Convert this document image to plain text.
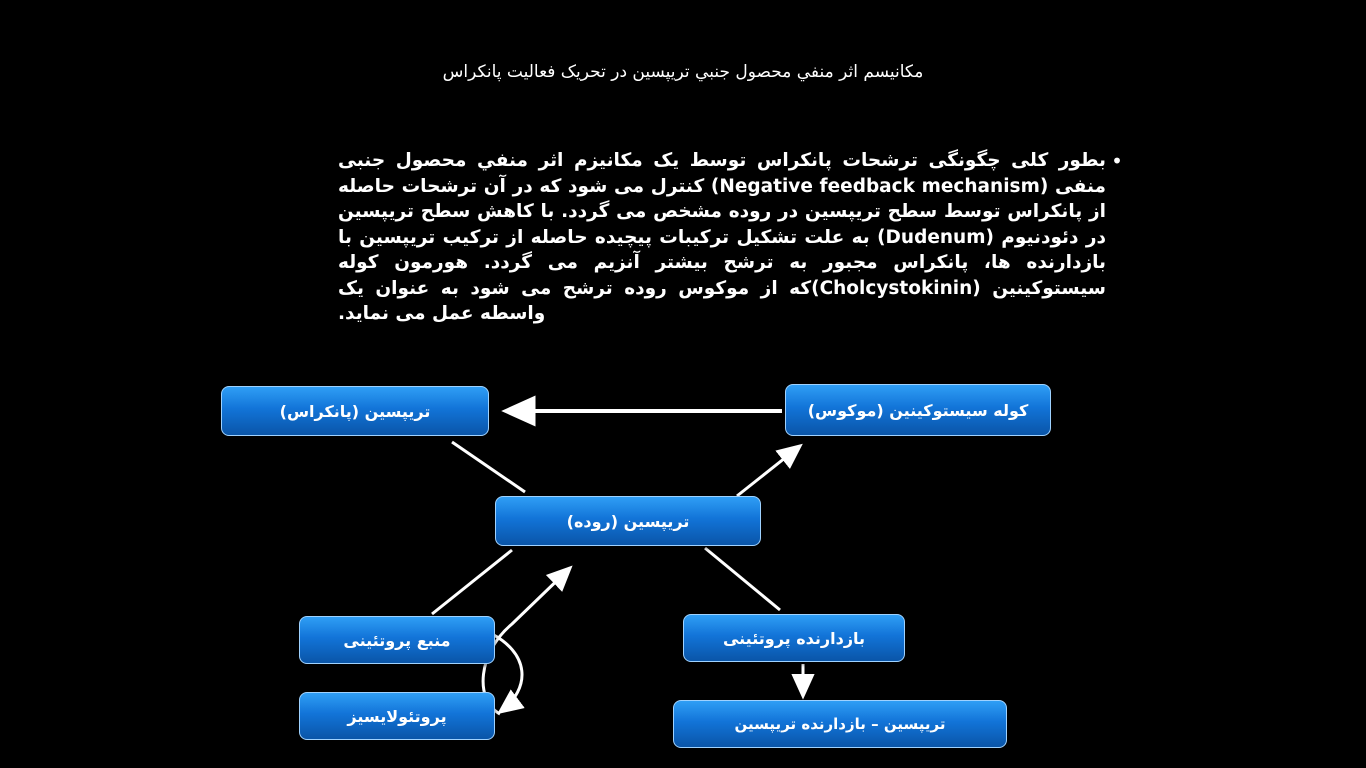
مکانيسم اثر منفي محصول جنبي تريپسين در تحريک فعاليت پانکراس
•
بطور کلی چگونگی ترشحات پانکراس توسط یک مکانیزم اثر منفي محصول جنبی منفی (Negative feedback mechanism) کنترل می شود که در آن ترشحات حاصله از پانکراس توسط سطح تریپسین در روده مشخص می گردد. با کاهش سطح تریپسین در دئودنیوم (Dudenum) به علت تشکیل ترکیبات پیچیده حاصله از ترکیب تریپسین با بازدارنده ها، پانکراس مجبور به ترشح بیشتر آنزیم می گردد. هورمون کوله سیستوکینین (Cholcystokinin)که از موکوس روده ترشح می شود به عنوان یک واسطه عمل می نماید.
تریپسین (پانکراس)	کوله سیستوکینین (موکوس)
تریپسین (روده)
منبع پروتئینی	بازدارنده پروتئینی
پروتئولایسیز	تریپسین – بازدارنده تریپسین
